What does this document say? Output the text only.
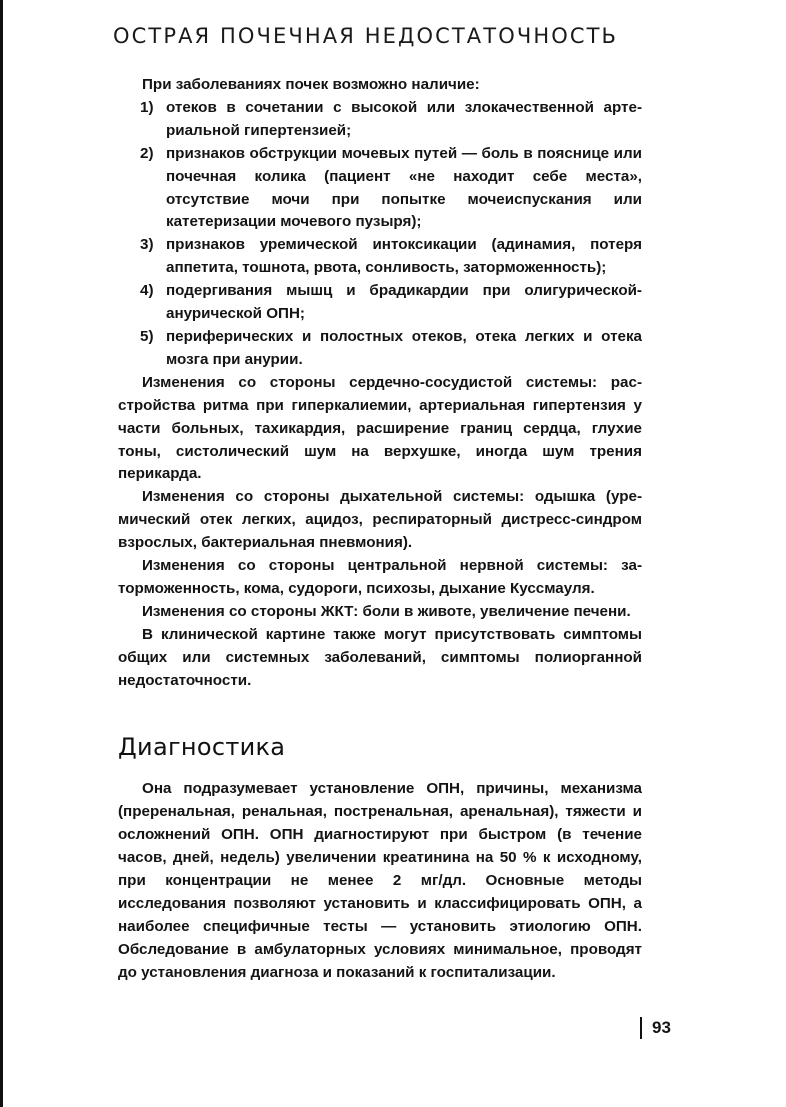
ОСТРАЯ ПОЧЕЧНАЯ НЕДОСТАТОЧНОСТЬ

При заболеваниях почек возможно наличие:

1) отеков в сочетании с высокой или злокачественной артериальной гипертензией;
2) признаков обструкции мочевых путей — боль в пояснице или почечная колика (пациент «не находит себе места», отсутствие мочи при попытке мочеиспускания или катетеризации мочевого пузыря);
3) признаков уремической интоксикации (адинамия, потеря аппетита, тошнота, рвота, сонливость, заторможенность);
4) подергивания мышц и брадикардии при олигурической-анурической ОПН;
5) периферических и полостных отеков, отека легких и отека мозга при анурии.

Изменения со стороны сердечно-сосудистой системы: расстройства ритма при гиперкалиемии, артериальная гипертензия у части больных, тахикардия, расширение границ сердца, глухие тоны, систолический шум на верхушке, иногда шум трения перикарда.

Изменения со стороны дыхательной системы: одышка (уремический отек легких, ацидоз, респираторный дистресс-синдром взрослых, бактериальная пневмония).

Изменения со стороны центральной нервной системы: заторможенность, кома, судороги, психозы, дыхание Куссмауля.

Изменения со стороны ЖКТ: боли в животе, увеличение печени.

В клинической картине также могут присутствовать симптомы общих или системных заболеваний, симптомы полиорганной недостаточности.

Диагностика

Она подразумевает установление ОПН, причины, механизма (преренальная, ренальная, постренальная, аренальная), тяжести и осложнений ОПН. ОПН диагностируют при быстром (в течение часов, дней, недель) увеличении креатинина на 50 % к исходному, при концентрации не менее 2 мг/дл. Основные методы исследования позволяют установить и классифицировать ОПН, а наиболее специфичные тесты — установить этиологию ОПН. Обследование в амбулаторных условиях минимальное, проводят до установления диагноза и показаний к госпитализации.

93
